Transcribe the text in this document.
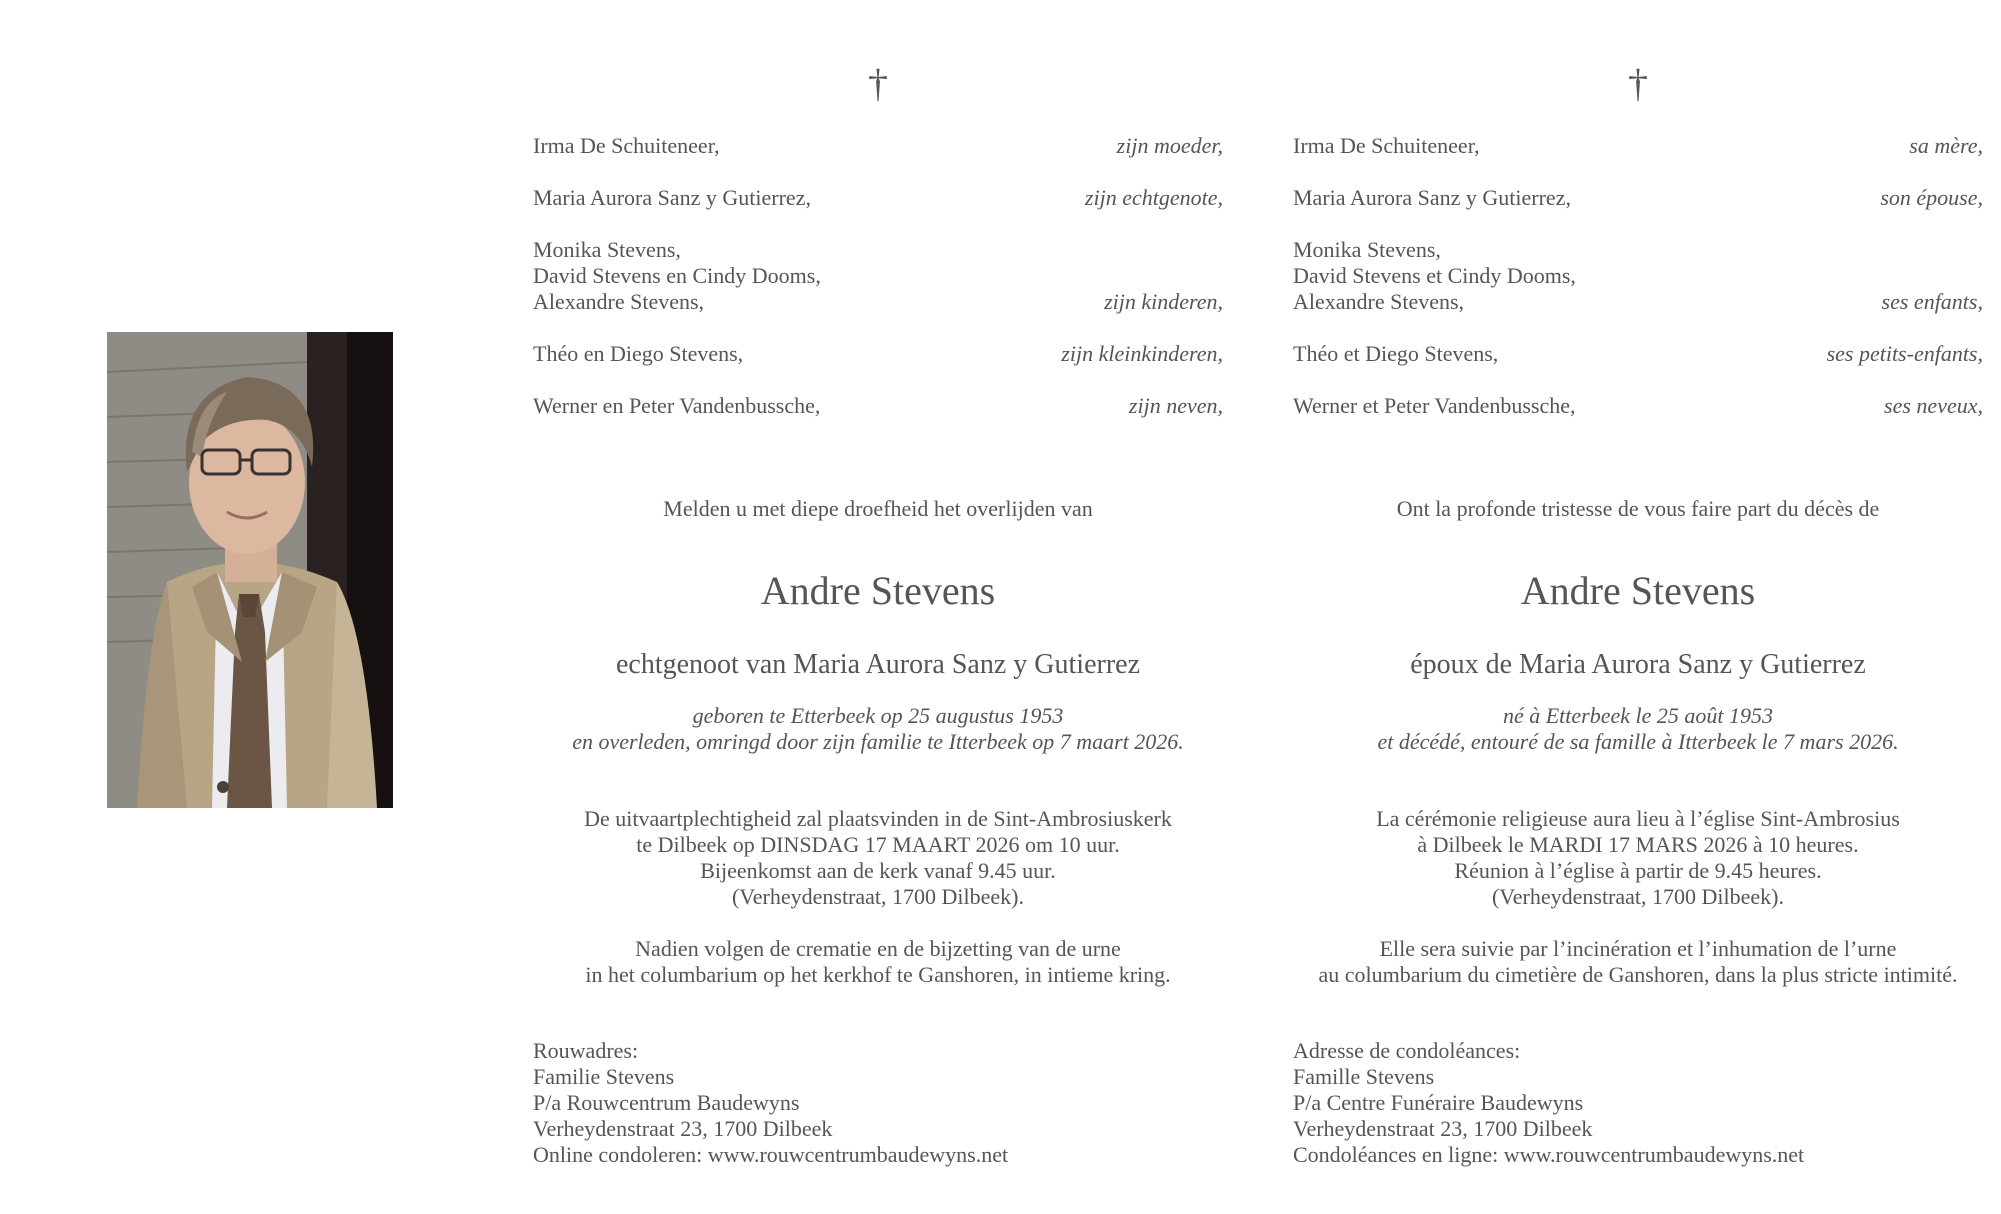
†
Irma De Schuiteneer,	zijn moeder,
Maria Aurora Sanz y Gutierrez,	zijn echtgenote,
Monika Stevens,
David Stevens en Cindy Dooms,
Alexandre Stevens,	zijn kinderen,
Théo en Diego Stevens,	zijn kleinkinderen,
Werner en Peter Vandenbussche,	zijn neven,
Melden u met diepe droefheid het overlijden van
Andre Stevens
echtgenoot van Maria Aurora Sanz y Gutierrez
geboren te Etterbeek op 25 augustus 1953
en overleden, omringd door zijn familie te Itterbeek op 7 maart 2026.
De uitvaartplechtigheid zal plaatsvinden in de Sint-Ambrosiuskerk
te Dilbeek op DINSDAG 17 MAART 2026 om 10 uur.
Bijeenkomst aan de kerk vanaf 9.45 uur.
(Verheydenstraat, 1700 Dilbeek).
Nadien volgen de crematie en de bijzetting van de urne
in het columbarium op het kerkhof te Ganshoren, in intieme kring.
Rouwadres:
Familie Stevens
P/a Rouwcentrum Baudewyns
Verheydenstraat 23, 1700 Dilbeek
Online condoleren: www.rouwcentrumbaudewyns.net
†
Irma De Schuiteneer,	sa mère,
Maria Aurora Sanz y Gutierrez,	son épouse,
Monika Stevens,
David Stevens et Cindy Dooms,
Alexandre Stevens,	ses enfants,
Théo et Diego Stevens,	ses petits-enfants,
Werner et Peter Vandenbussche,	ses neveux,
Ont la profonde tristesse de vous faire part du décès de
Andre Stevens
époux de Maria Aurora Sanz y Gutierrez
né à Etterbeek le 25 août 1953
et décédé, entouré de sa famille à Itterbeek le 7 mars 2026.
La cérémonie religieuse aura lieu à l’église Sint-Ambrosius
à Dilbeek le MARDI 17 MARS 2026 à 10 heures.
Réunion à l’église à partir de 9.45 heures.
(Verheydenstraat, 1700 Dilbeek).
Elle sera suivie par l’incinération et l’inhumation de l’urne
au columbarium du cimetière de Ganshoren, dans la plus stricte intimité.
Adresse de condoléances:
Famille Stevens
P/a Centre Funéraire Baudewyns
Verheydenstraat 23, 1700 Dilbeek
Condoléances en ligne: www.rouwcentrumbaudewyns.net
